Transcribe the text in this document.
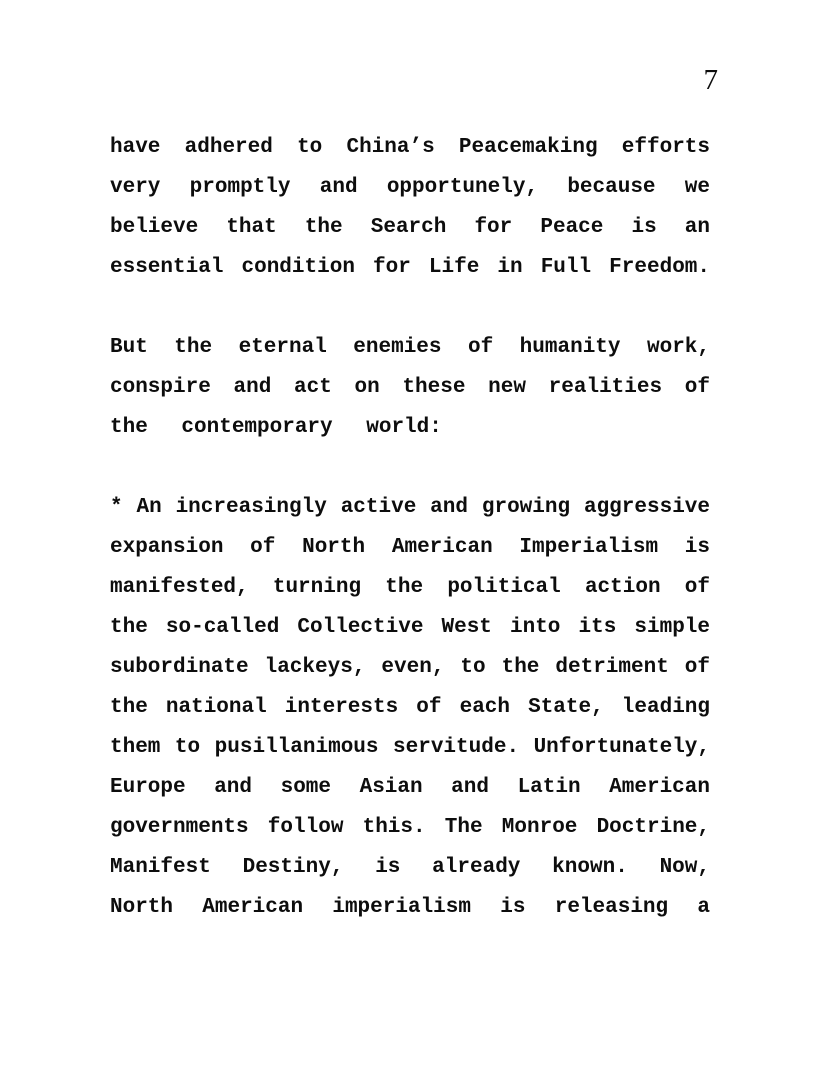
7
have adhered to China’s Peacemaking efforts
very promptly and opportunely, because we
believe that the Search for Peace is an
essential condition for Life in Full Freedom.
But the eternal enemies of humanity work,
conspire and act on these new realities of
the contemporary world:
* An increasingly active and growing aggressive
expansion of North American Imperialism is
manifested, turning the political action of
the so-called Collective West into its simple
subordinate lackeys, even, to the detriment of
the national interests of each State, leading
them to pusillanimous servitude. Unfortunately,
Europe and some Asian and Latin American
governments follow this. The Monroe Doctrine,
Manifest Destiny, is already known. Now,
North American imperialism is releasing a
